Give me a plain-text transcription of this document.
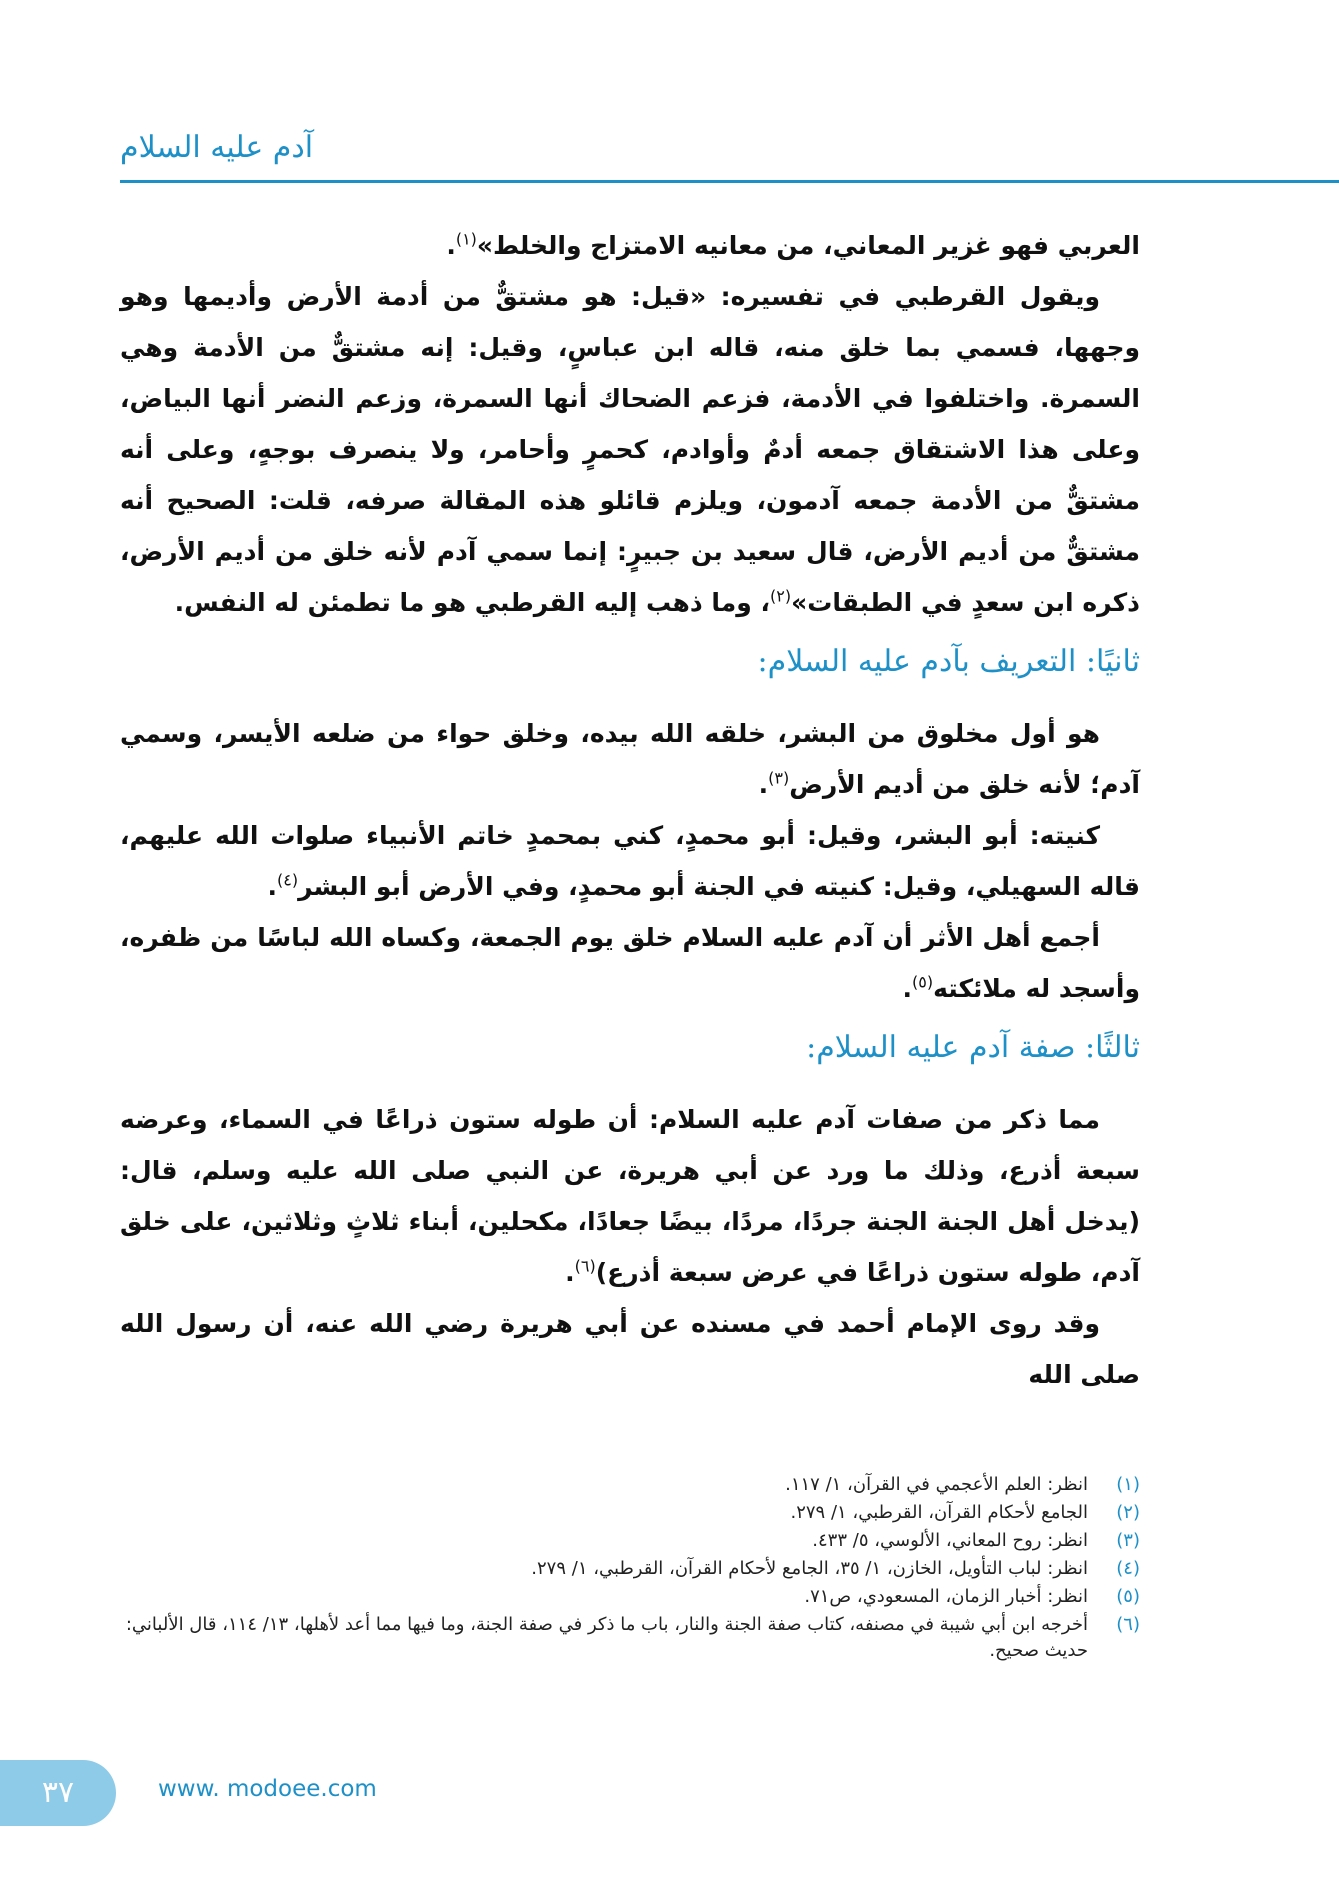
آدم عليه السلام

العربي فهو غزير المعاني، من معانيه الامتزاج والخلط»$^{(١)}$.

ويقول القرطبي في تفسيره: «قيل: هو مشتقٌّ من أدمة الأرض وأديمها وهو وجهها، فسمي بما خلق منه، قاله ابن عباسٍ، وقيل: إنه مشتقٌّ من الأدمة وهي السمرة. واختلفوا في الأدمة، فزعم الضحاك أنها السمرة، وزعم النضر أنها البياض، وعلى هذا الاشتقاق جمعه أدمٌ وأوادم، كحمرٍ وأحامر، ولا ينصرف بوجهٍ، وعلى أنه مشتقٌّ من الأدمة جمعه آدمون، ويلزم قائلو هذه المقالة صرفه، قلت: الصحيح أنه مشتقٌّ من أديم الأرض، قال سعيد بن جبيرٍ: إنما سمي آدم لأنه خلق من أديم الأرض، ذكره ابن سعدٍ في الطبقات»$^{(٢)}$، وما ذهب إليه القرطبي هو ما تطمئن له النفس.

ثانيًا: التعريف بآدم عليه السلام:

هو أول مخلوق من البشر، خلقه الله بيده، وخلق حواء من ضلعه الأيسر، وسمي آدم؛ لأنه خلق من أديم الأرض$^{(٣)}$.

كنيته: أبو البشر، وقيل: أبو محمدٍ، كني بمحمدٍ خاتم الأنبياء صلوات الله عليهم، قاله السهيلي، وقيل: كنيته في الجنة أبو محمدٍ، وفي الأرض أبو البشر$^{(٤)}$.

أجمع أهل الأثر أن آدم عليه السلام خلق يوم الجمعة، وكساه الله لباسًا من ظفره، وأسجد له ملائكته$^{(٥)}$.

ثالثًا: صفة آدم عليه السلام:

مما ذكر من صفات آدم عليه السلام: أن طوله ستون ذراعًا في السماء، وعرضه سبعة أذرع، وذلك ما ورد عن أبي هريرة، عن النبي صلى الله عليه وسلم، قال: (يدخل أهل الجنة الجنة جردًا، مردًا، بيضًا جعادًا، مكحلين، أبناء ثلاثٍ وثلاثين، على خلق آدم، طوله ستون ذراعًا في عرض سبعة أذرع)$^{(٦)}$.

وقد روى الإمام أحمد في مسنده عن أبي هريرة رضي الله عنه، أن رسول الله صلى الله

(١)
انظر: العلم الأعجمي في القرآن، ١/ ١١٧.
(٢)
الجامع لأحكام القرآن، القرطبي، ١/ ٢٧٩.
(٣)
انظر: روح المعاني، الألوسي، ٥/ ٤٣٣.
(٤)
انظر: لباب التأويل، الخازن، ١/ ٣٥، الجامع لأحكام القرآن، القرطبي، ١/ ٢٧٩.
(٥)
انظر: أخبار الزمان، المسعودي، ص٧١.
(٦)
أخرجه ابن أبي شيبة في مصنفه، كتاب صفة الجنة والنار، باب ما ذكر في صفة الجنة، وما فيها مما أعد لأهلها، ١٣/ ١١٤، قال الألباني: حديث صحيح.
٣٧	www. modoee.com
